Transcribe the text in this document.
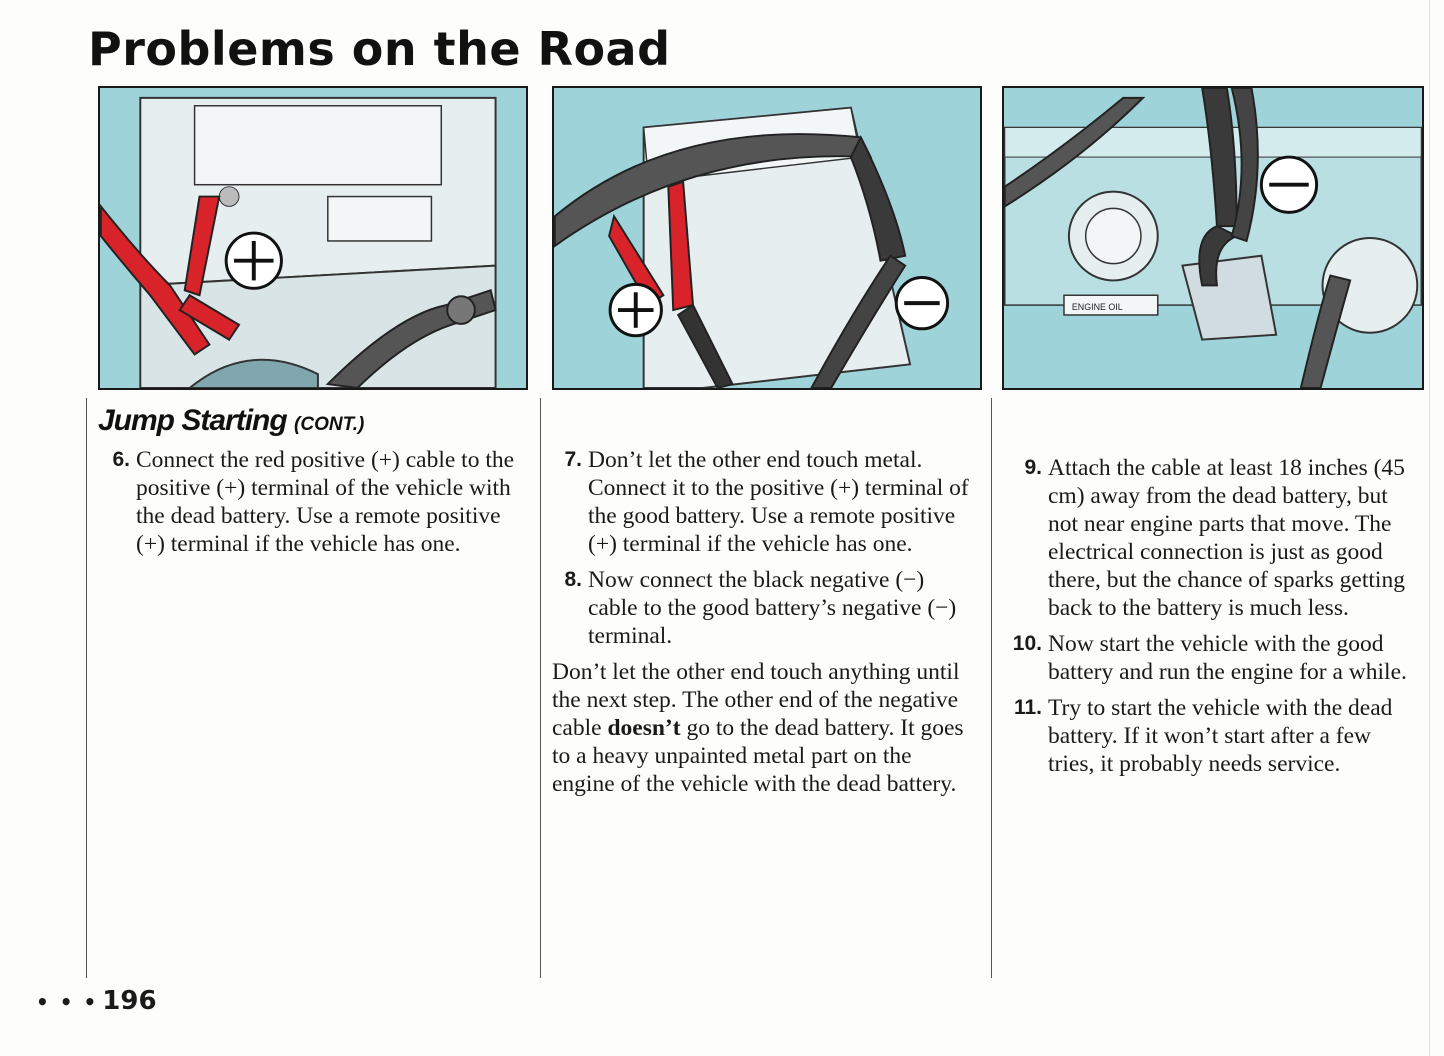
Problems on the Road
ENGINE OIL
Jump Starting (CONT.)
6. Connect the red positive (+) cable to the positive (+) terminal of the vehicle with the dead battery. Use a remote positive (+) terminal if the vehicle has one.
7. Don’t let the other end touch metal. Connect it to the positive (+) terminal of the good battery. Use a remote positive (+) terminal if the vehicle has one.
8. Now connect the black negative (−) cable to the good battery’s negative (−) terminal.

Don’t let the other end touch anything until the next step. The other end of the negative cable doesn’t go to the dead battery. It goes to a heavy unpainted metal part on the engine of the vehicle with the dead battery.

9. Attach the cable at least 18 inches (45 cm) away from the dead battery, but not near engine parts that move. The electrical connection is just as good there, but the chance of sparks getting back to the battery is much less.
10. Now start the vehicle with the good battery and run the engine for a while.
11. Try to start the vehicle with the dead battery. If it won’t start after a few tries, it probably needs service.
• • • 196
